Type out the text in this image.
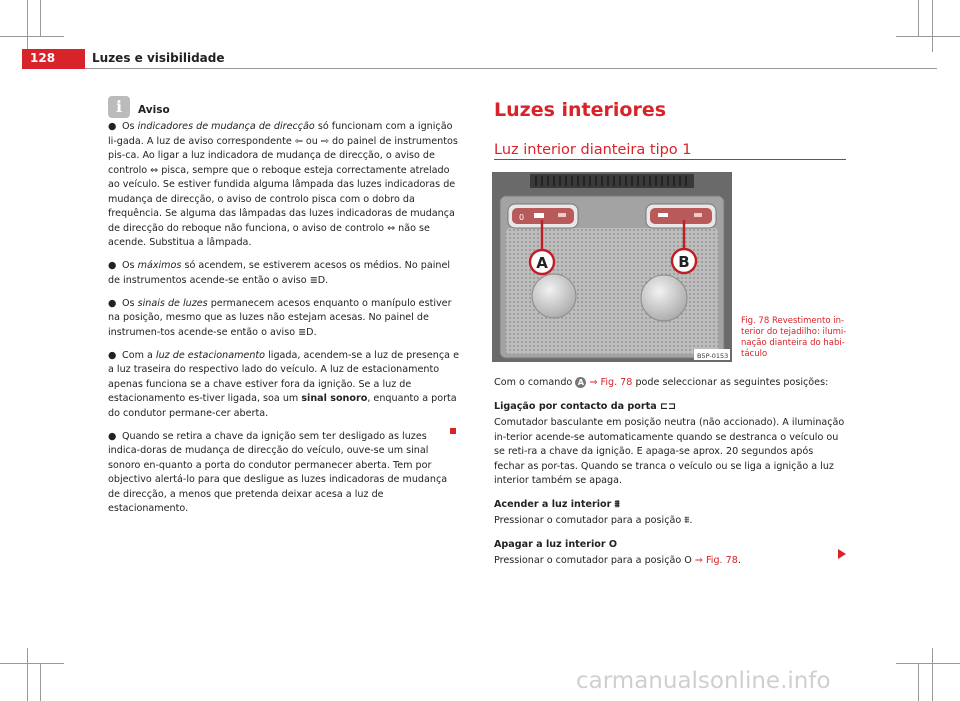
128	Luzes e visibilidade
i Aviso

● Os indicadores de mudança de direcção só funcionam com a ignição li-gada. A luz de aviso correspondente ⇦ ou ⇨ do painel de instrumentos pis-ca. Ao ligar a luz indicadora de mudança de direcção, o aviso de controlo ⇔ pisca, sempre que o reboque esteja correctamente atrelado ao veículo. Se estiver fundida alguma lâmpada das luzes indicadoras de mudança de direcção, o aviso de controlo pisca com o dobro da frequência. Se alguma das lâmpadas das luzes indicadoras de mudança de direcção do reboque não funciona, o aviso de controlo ⇔ não se acende. Substitua a lâmpada.

● Os máximos só acendem, se estiverem acesos os médios. No painel de instrumentos acende-se então o aviso ≣D.

● Os sinais de luzes permanecem acesos enquanto o manípulo estiver na posição, mesmo que as luzes não estejam acesas. No painel de instrumen-tos acende-se então o aviso ≣D.

● Com a luz de estacionamento ligada, acendem-se a luz de presença e a luz traseira do respectivo lado do veículo. A luz de estacionamento apenas funciona se a chave estiver fora da ignição. Se a luz de estacionamento es-tiver ligada, soa um sinal sonoro, enquanto a porta do condutor permane-cer aberta.

● Quando se retira a chave da ignição sem ter desligado as luzes indica-doras de mudança de direcção do veículo, ouve-se um sinal sonoro en-quanto a porta do condutor permanecer aberta. Tem por objectivo alertá-lo para que desligue as luzes indicadoras de mudança de direcção, a menos que pretenda deixar acesa a luz de estacionamento.

Luzes interiores
Luz interior dianteira tipo 1
0
A	B
B5P-0153
Fig. 78 Revestimento in-terior do tejadilho: ilumi-nação dianteira do habi-táculo

Com o comando A ⇒ Fig. 78 pode seleccionar as seguintes posições:

Ligação por contacto da porta ⊏⊐

Comutador basculante em posição neutra (não accionado). A iluminação in-terior acende-se automaticamente quando se destranca o veículo ou se reti-ra a chave da ignição. E apaga-se aprox. 20 segundos após fechar as por-tas. Quando se tranca o veículo ou se liga a ignição a luz interior também se apaga.

Acender a luz interior ⩩

Pressionar o comutador para a posição ⩩.

Apagar a luz interior O

Pressionar o comutador para a posição O ⇒ Fig. 78.

carmanualsonline.info
